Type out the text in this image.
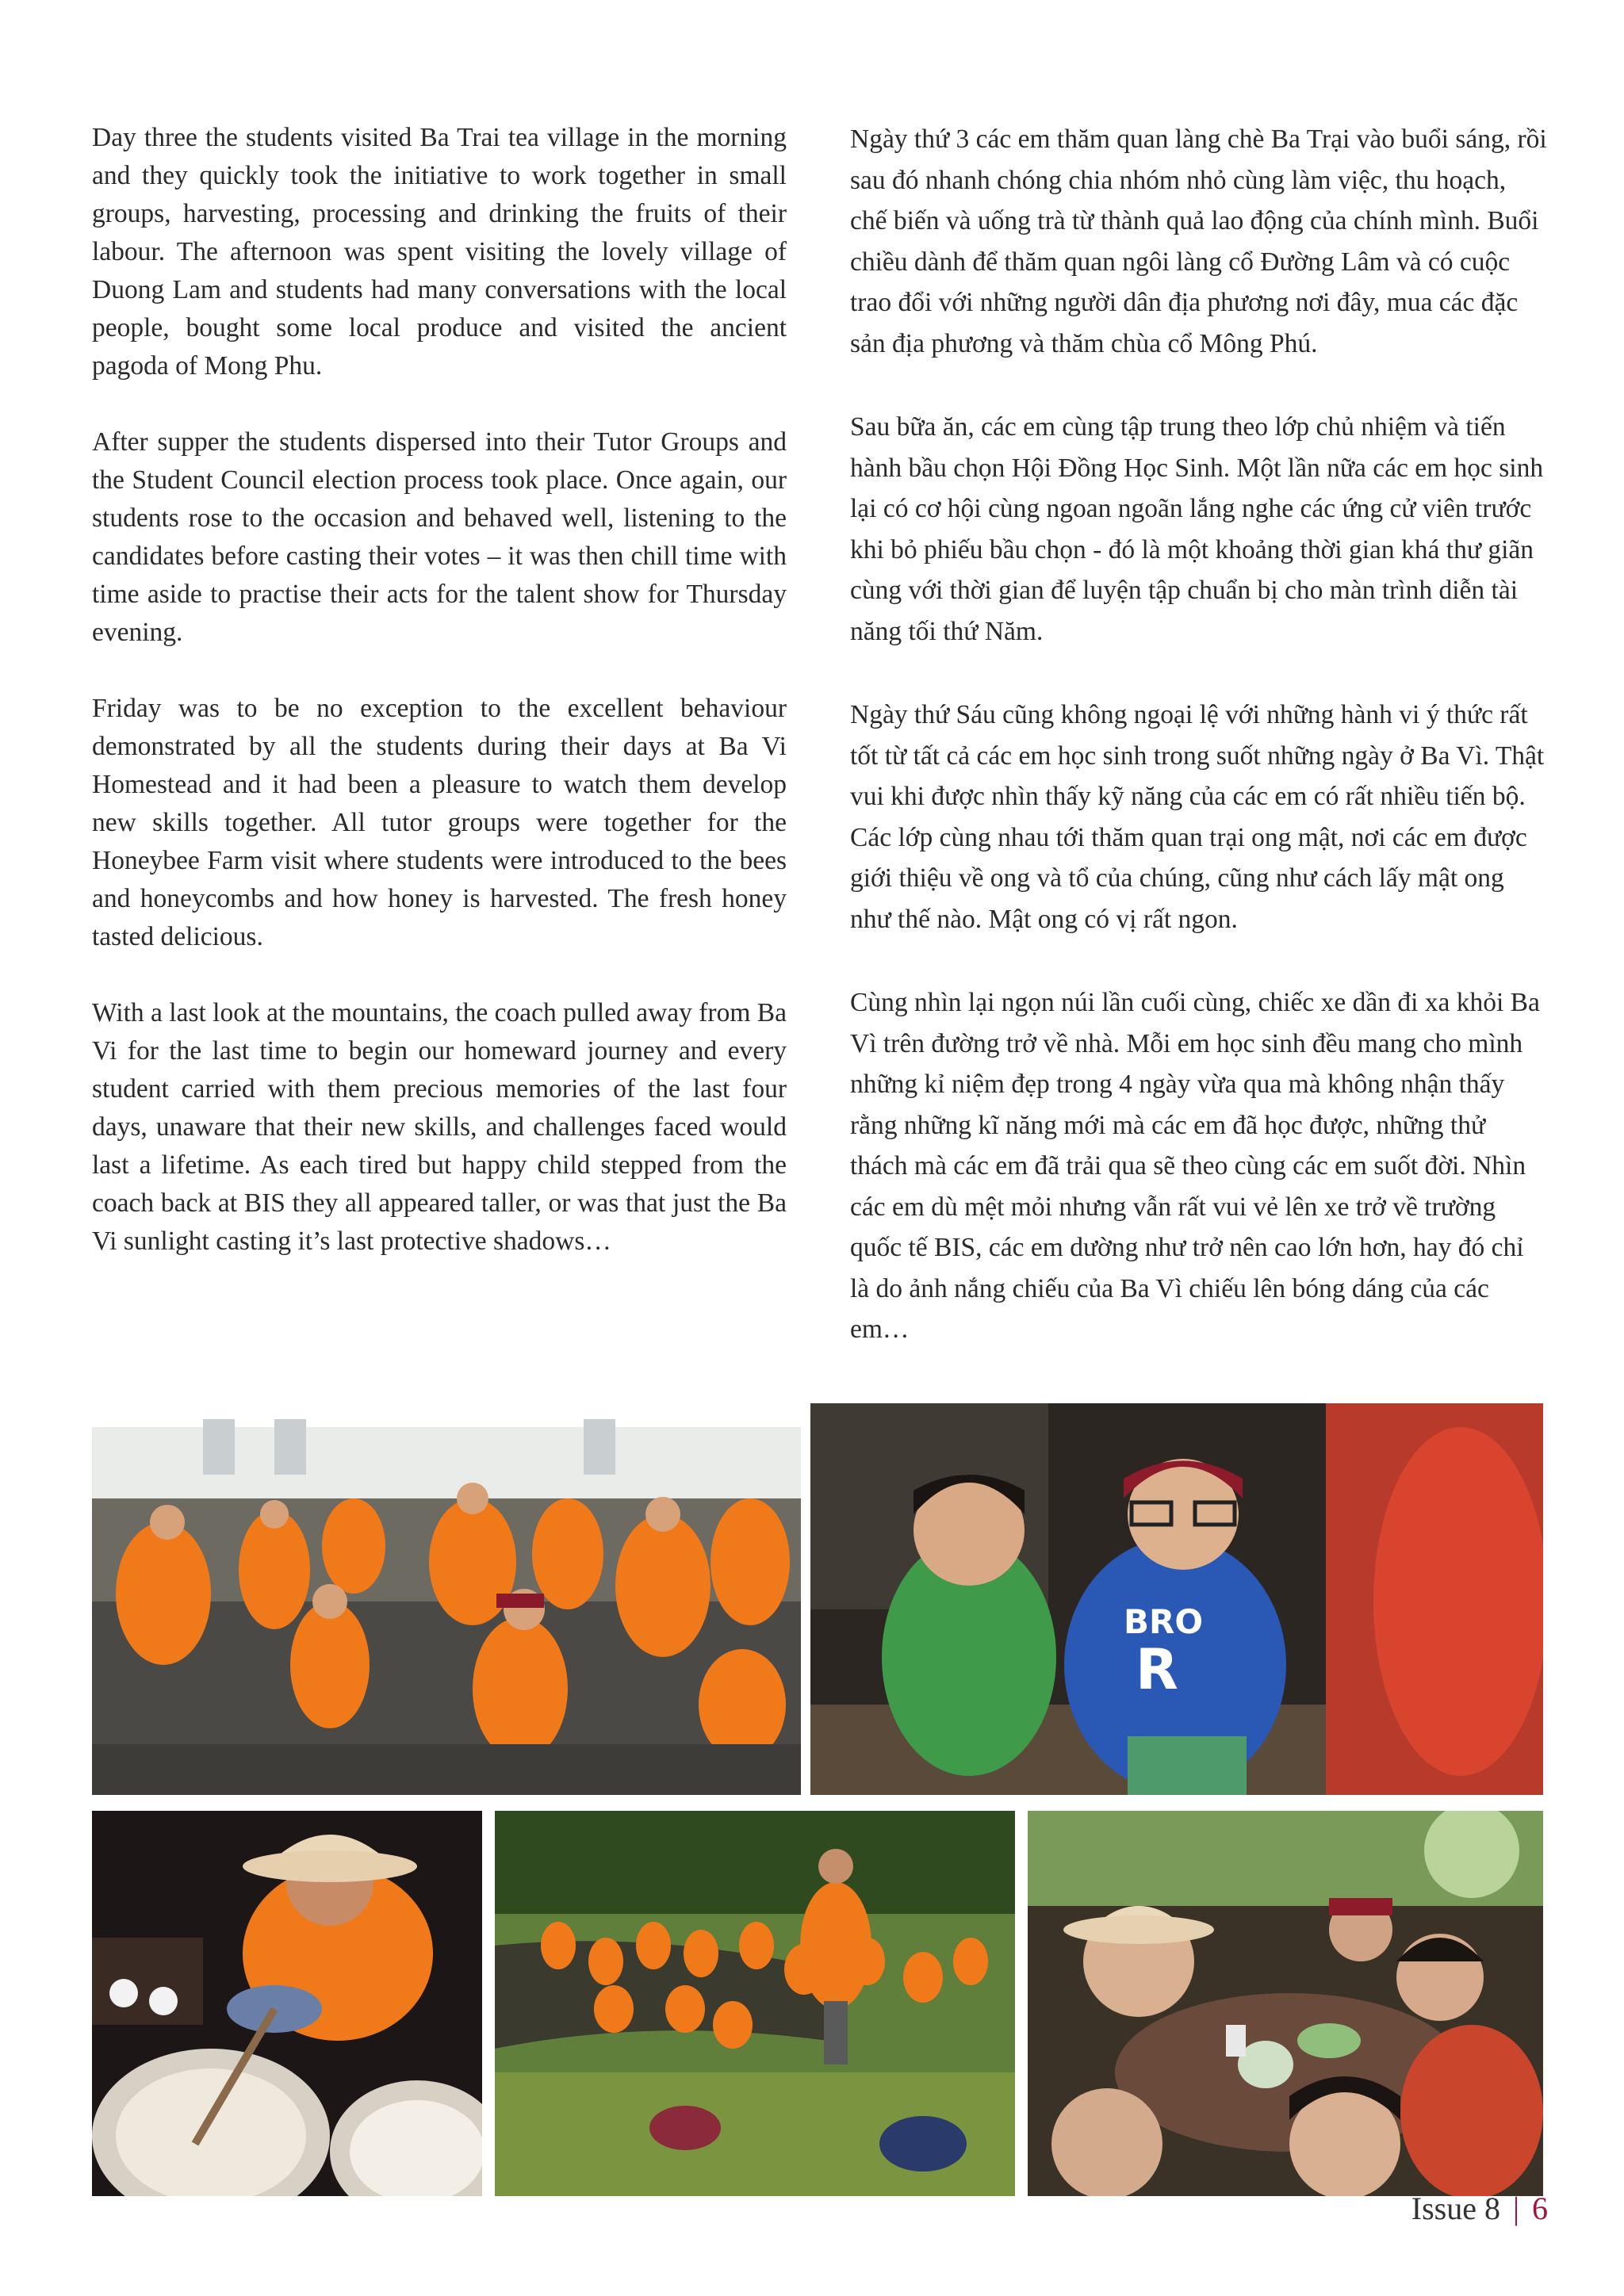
Day three the students visited Ba Trai tea village in the morning and they quickly took the initiative to work together in small groups, harvesting, processing and drinking the fruits of their labour. The afternoon was spent visiting the lovely village of Duong Lam and students had many conversations with the local people, bought some local produce and visited the ancient pagoda of Mong Phu.

After supper the students dispersed into their Tutor Groups and the Student Council election process took place. Once again, our students rose to the occasion and behaved well, listening to the candidates before casting their votes – it was then chill time with time aside to practise their acts for the talent show for Thursday evening.

Friday was to be no exception to the excellent behaviour demonstrated by all the students during their days at Ba Vi Homestead and it had been a pleasure to watch them develop new skills together. All tutor groups were together for the Honeybee Farm visit where students were introduced to the bees and honeycombs and how honey is harvested. The fresh honey tasted delicious.

With a last look at the mountains, the coach pulled away from Ba Vi for the last time to begin our homeward journey and every student carried with them precious memories of the last four days, unaware that their new skills, and challenges faced would last a lifetime. As each tired but happy child stepped from the coach back at BIS they all appeared taller, or was that just the Ba Vi sunlight casting it’s last protective shadows…

Ngày thứ 3 các em thăm quan làng chè Ba Trại vào buổi sáng, rồi sau đó nhanh chóng chia nhóm nhỏ cùng làm việc, thu hoạch, chế biến và uống trà từ thành quả lao động của chính mình. Buổi chiều dành để thăm quan ngôi làng cổ Đường Lâm và có cuộc trao đổi với những người dân địa phương nơi đây, mua các đặc sản địa phương và thăm chùa cổ Mông Phú.

Sau bữa ăn, các em cùng tập trung theo lớp chủ nhiệm và tiến hành bầu chọn Hội Đồng Học Sinh. Một lần nữa các em học sinh lại có cơ hội cùng ngoan ngoãn lắng nghe các ứng cử viên trước khi bỏ phiếu bầu chọn - đó là một khoảng thời gian khá thư giãn cùng với thời gian để luyện tập chuẩn bị cho màn trình diễn tài năng tối thứ Năm.

Ngày thứ Sáu cũng không ngoại lệ với những hành vi ý thức rất tốt từ tất cả các em học sinh trong suốt những ngày ở Ba Vì. Thật vui khi được nhìn thấy kỹ năng của các em có rất nhiều tiến bộ. Các lớp cùng nhau tới thăm quan trại ong mật, nơi các em được giới thiệu về ong và tổ của chúng, cũng như cách lấy mật ong như thế nào. Mật ong có vị rất ngon.

Cùng nhìn lại ngọn núi lần cuối cùng, chiếc xe dần đi xa khỏi Ba Vì trên đường trở về nhà. Mỗi em học sinh đều mang cho mình những kỉ niệm đẹp trong 4 ngày vừa qua mà không nhận thấy rằng những kĩ năng mới mà các em đã học được, những thử thách mà các em đã trải qua sẽ theo cùng các em suốt đời. Nhìn các em dù mệt mỏi nhưng vẫn rất vui vẻ lên xe trở về trường quốc tế BIS, các em dường như trở nên cao lớn hơn, hay đó chỉ là do ảnh nắng chiếu của Ba Vì chiếu lên bóng dáng của các em…

BRO
R
Issue 8 | 6
